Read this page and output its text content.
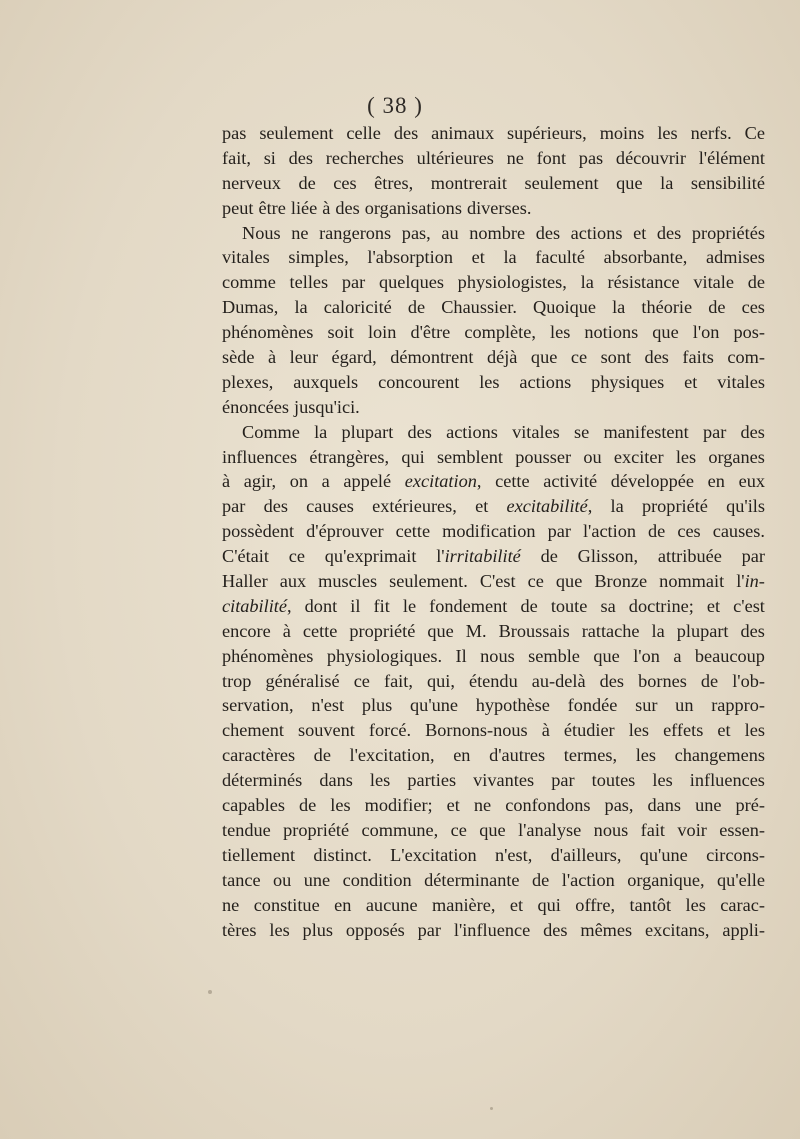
( 38 )
pas seulement celle des animaux supérieurs, moins les nerfs. Ce
fait, si des recherches ultérieures ne font pas découvrir l'élément
nerveux de ces êtres, montrerait seulement que la sensibilité
peut être liée à des organisations diverses.
Nous ne rangerons pas, au nombre des actions et des propriétés
vitales simples, l'absorption et la faculté absorbante, admises
comme telles par quelques physiologistes, la résistance vitale de
Dumas, la caloricité de Chaussier. Quoique la théorie de ces
phénomènes soit loin d'être complète, les notions que l'on pos-
sède à leur égard, démontrent déjà que ce sont des faits com-
plexes, auxquels concourent les actions physiques et vitales
énoncées jusqu'ici.
Comme la plupart des actions vitales se manifestent par des
influences étrangères, qui semblent pousser ou exciter les organes
à agir, on a appelé excitation, cette activité développée en eux
par des causes extérieures, et excitabilité, la propriété qu'ils
possèdent d'éprouver cette modification par l'action de ces causes.
C'était ce qu'exprimait l'irritabilité de Glisson, attribuée par
Haller aux muscles seulement. C'est ce que Bronze nommait l'in-
citabilité, dont il fit le fondement de toute sa doctrine; et c'est
encore à cette propriété que M. Broussais rattache la plupart des
phénomènes physiologiques. Il nous semble que l'on a beaucoup
trop généralisé ce fait, qui, étendu au-delà des bornes de l'ob-
servation, n'est plus qu'une hypothèse fondée sur un rappro-
chement souvent forcé. Bornons-nous à étudier les effets et les
caractères de l'excitation, en d'autres termes, les changemens
déterminés dans les parties vivantes par toutes les influences
capables de les modifier; et ne confondons pas, dans une pré-
tendue propriété commune, ce que l'analyse nous fait voir essen-
tiellement distinct. L'excitation n'est, d'ailleurs, qu'une circons-
tance ou une condition déterminante de l'action organique, qu'elle
ne constitue en aucune manière, et qui offre, tantôt les carac-
tères les plus opposés par l'influence des mêmes excitans, appli-
